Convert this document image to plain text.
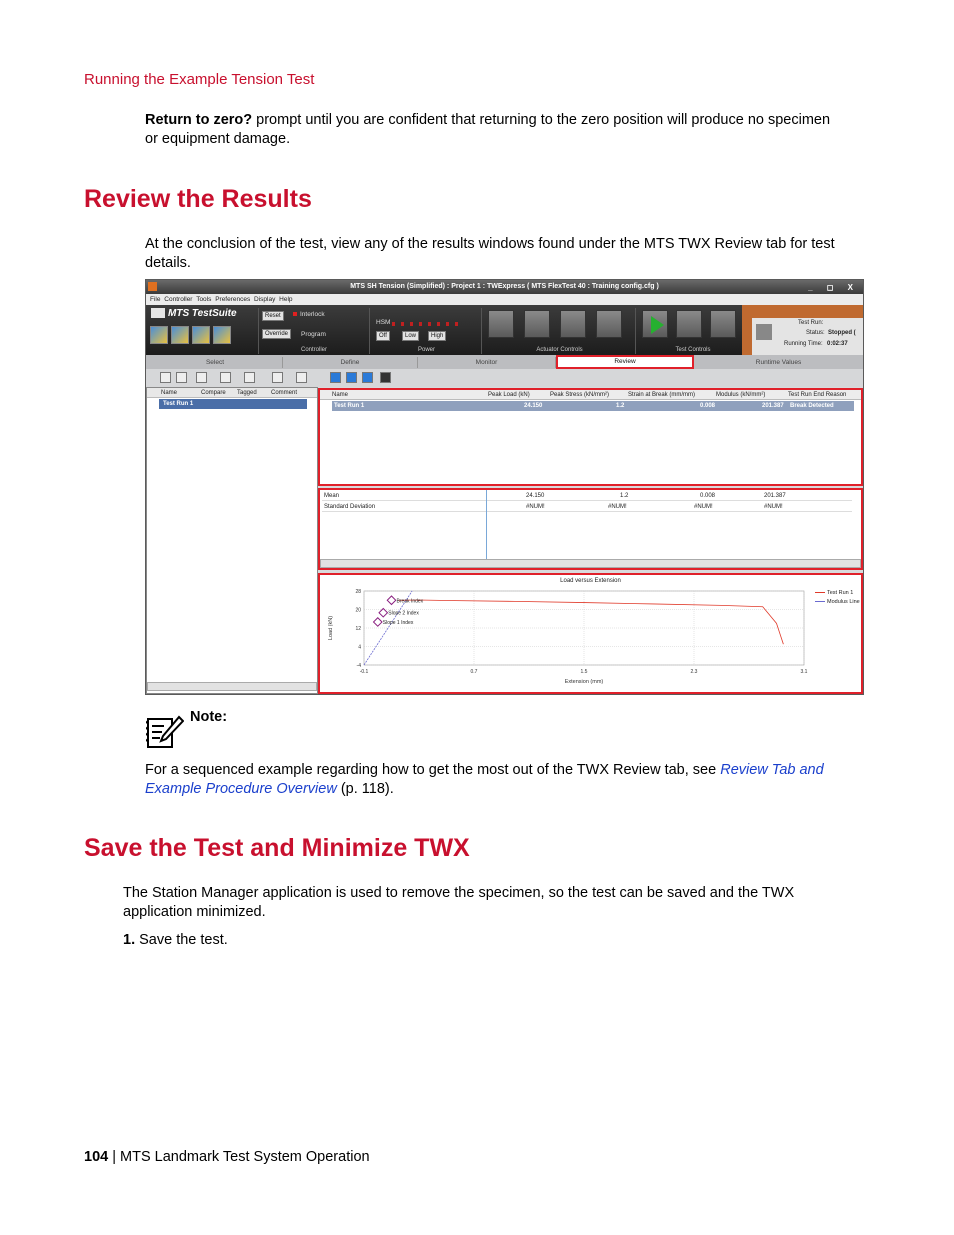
Running the Example Tension Test
Return to zero? prompt until you are confident that returning to the zero position will produce no specimen or equipment damage.
Review the Results
At the conclusion of the test, view any of the results windows found under the MTS TWX Review tab for test details.
MTS SH Tension (Simplified) : Project 1 : TWExpress ( MTS FlexTest 40 : Training config.cfg )	_ ◻ X
File Controller Tools Preferences Display Help
MTS TestSuite	Reset	Interlock
Override	Program
Controller
HSM
Off	Low	High
Power	Actuator Controls	Test Controls
Test Run:
Status: Stopped (
Running Time: 0:02:37
Select	Define	Monitor	Review	Runtime Values
Name	Compare Tagged Comment
Test Run 1
Name	Peak Load (kN)	Peak Stress (kN/mm²)	Strain at Break (mm/mm)	Modulus (kN/mm²)	Test Run End Reason
Test Run 1	24.150	1.2	0.008	201.387 Break Detected
Mean	24.150	1.2	0.008	201.387
Standard Deviation	#NUM!	#NUM!	#NUM!	#NUM!
Load versus Extension
-0.1	0.7	1.5	2.3	3.1
-4
4
12
20
28
Extension (mm)
Load (kN)
Break Index
Slope 2 Index
Slope 1 Index
Test Run 1
Modulus Line
Note:
For a sequenced example regarding how to get the most out of the TWX Review tab, see Review Tab and Example Procedure Overview (p. 118).
Save the Test and Minimize TWX
The Station Manager application is used to remove the specimen, so the test can be saved and the TWX application minimized.
1. Save the test.
104 | MTS Landmark Test System Operation
